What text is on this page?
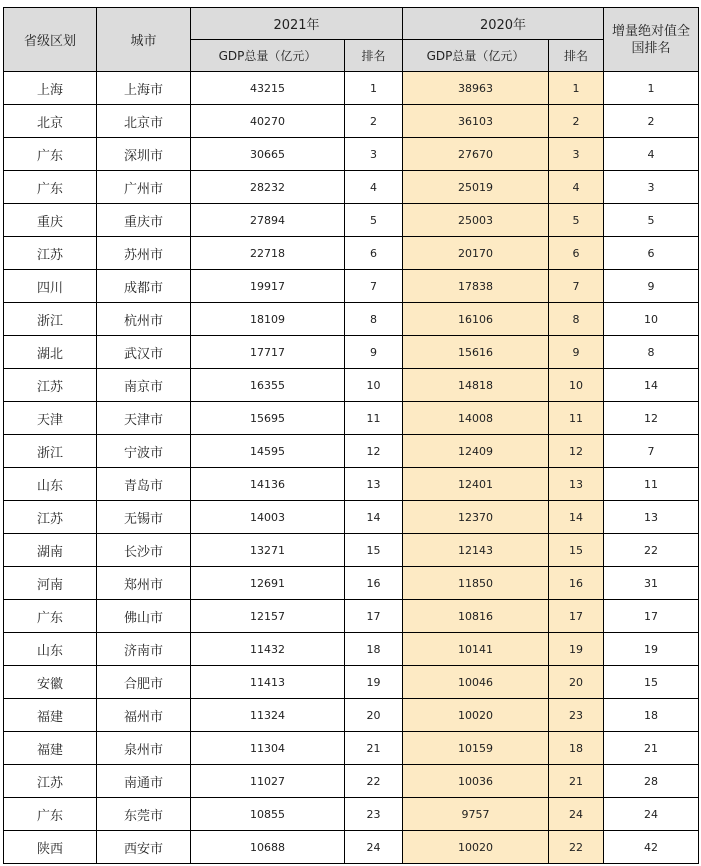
省级区划	城市	2021年		2020年		增量绝对值全国排名
		GDP总量（亿元）	排名	GDP总量（亿元）	排名	
上海	上海市	43215	1	38963	1	1
北京	北京市	40270	2	36103	2	2
广东	深圳市	30665	3	27670	3	4
广东	广州市	28232	4	25019	4	3
重庆	重庆市	27894	5	25003	5	5
江苏	苏州市	22718	6	20170	6	6
四川	成都市	19917	7	17838	7	9
浙江	杭州市	18109	8	16106	8	10
湖北	武汉市	17717	9	15616	9	8
江苏	南京市	16355	10	14818	10	14
天津	天津市	15695	11	14008	11	12
浙江	宁波市	14595	12	12409	12	7
山东	青岛市	14136	13	12401	13	11
江苏	无锡市	14003	14	12370	14	13
湖南	长沙市	13271	15	12143	15	22
河南	郑州市	12691	16	11850	16	31
广东	佛山市	12157	17	10816	17	17
山东	济南市	11432	18	10141	19	19
安徽	合肥市	11413	19	10046	20	15
福建	福州市	11324	20	10020	23	18
福建	泉州市	11304	21	10159	18	21
江苏	南通市	11027	22	10036	21	28
广东	东莞市	10855	23	9757	24	24
陕西	西安市	10688	24	10020	22	42
